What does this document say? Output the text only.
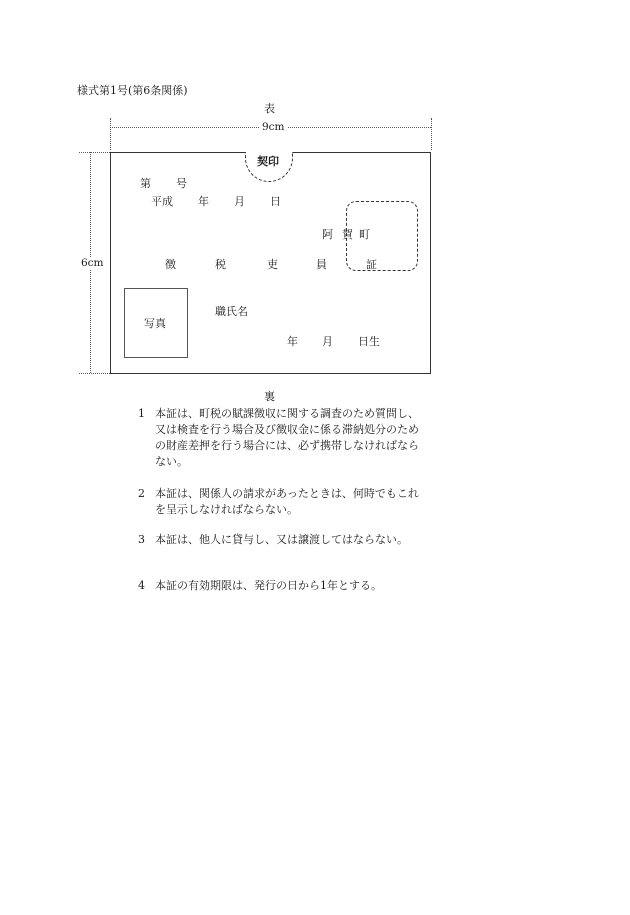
様式第1号(第6条関係)
表
9cm
6cm
契印
第 号
平成 年 月 日
阿 賀 町
徴	税	吏	員	証
写真
職氏名
年 月 日生
裏
1 本証は、町税の賦課徴収に関する調査のため質問し、又は検査を行う場合及び徴収金に係る滞納処分のための財産差押を行う場合には、必ず携帯しなければならない。
2 本証は、関係人の請求があったときは、何時でもこれを呈示しなければならない。
3 本証は、他人に貸与し、又は譲渡してはならない。
4 本証の有効期限は、発行の日から1年とする。
